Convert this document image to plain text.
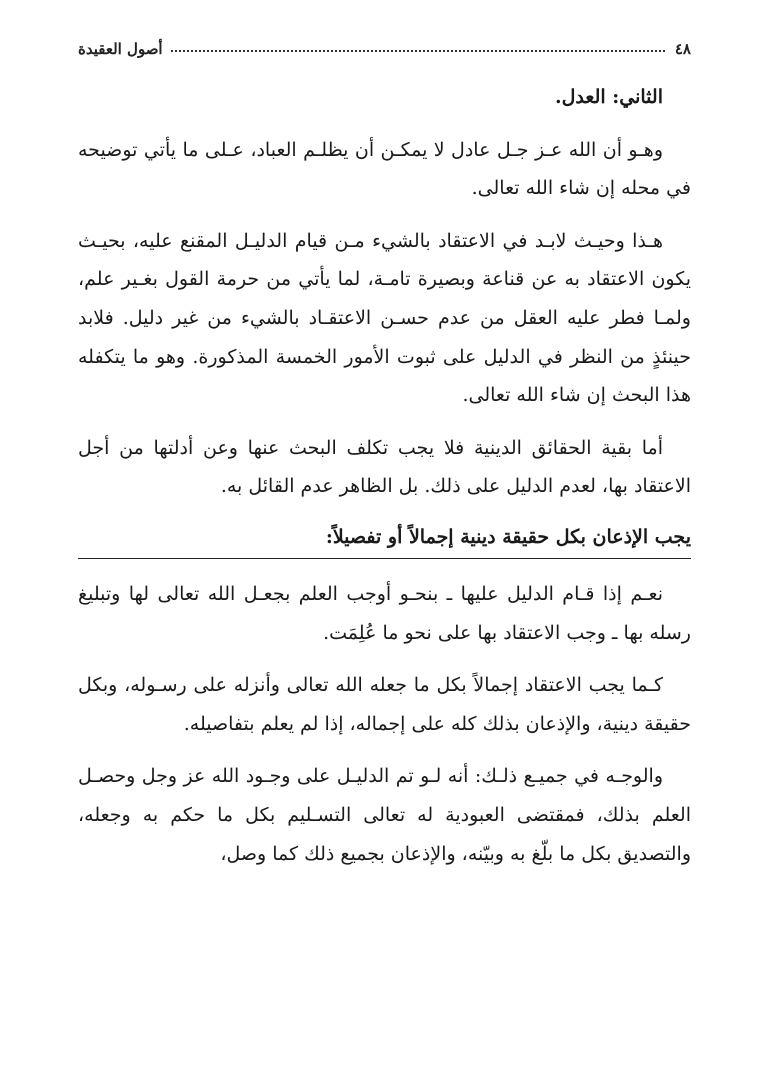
٤٨
أصول العقيدة

الثاني: العدل.

وهـو أن الله عـز جـل عادل لا يمكـن أن يظلـم العباد، عـلى ما يأتي توضيحه في محله إن شاء الله تعالى.

هـذا وحيـث لابـد في الاعتقاد بالشيء مـن قيام الدليـل المقنع عليه، بحيـث يكون الاعتقاد به عن قناعة وبصيرة تامـة، لما يأتي من حرمة القول بغـير علم، ولمـا فطر عليه العقل من عدم حسـن الاعتقـاد بالشيء من غير دليل. فلابد حينئذٍ من النظر في الدليل على ثبوت الأمور الخمسة المذكورة. وهو ما يتكفله هذا البحث إن شاء الله تعالى.

أما بقية الحقائق الدينية فلا يجب تكلف البحث عنها وعن أدلتها من أجل الاعتقاد بها، لعدم الدليل على ذلك. بل الظاهر عدم القائل به.

يجب الإذعان بكل حقيقة دينية إجمالاً أو تفصيلاً:

نعـم إذا قـام الدليل عليها ـ بنحـو أوجب العلم بجعـل الله تعالى لها وتبليغ رسله بها ـ وجب الاعتقاد بها على نحو ما عُلِمَت.

كـما يجب الاعتقاد إجمالاً بكل ما جعله الله تعالى وأنزله على رسـوله، وبكل حقيقة دينية، والإذعان بذلك كله على إجماله، إذا لم يعلم بتفاصيله.

والوجـه في جميـع ذلـك: أنه لـو تم الدليـل على وجـود الله عز وجل وحصـل العلم بذلك، فمقتضى العبودية له تعالى التسـليم بكل ما حكم به وجعله، والتصديق بكل ما بلّغ به وبيّنه، والإذعان بجميع ذلك كما وصل،
